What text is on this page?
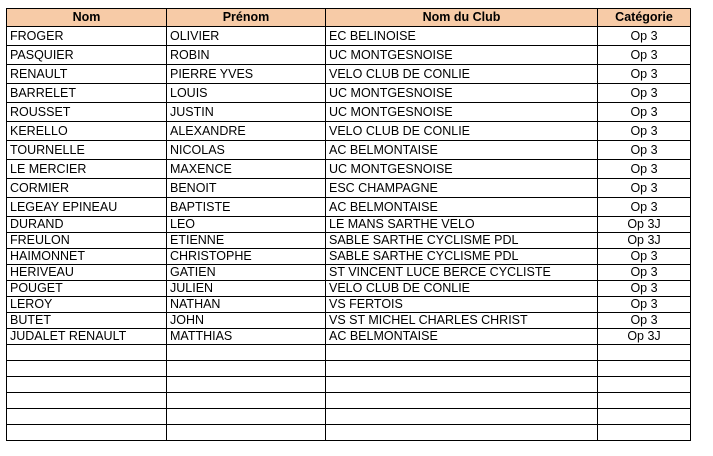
Nom	Prénom	Nom du Club	Catégorie
FROGER	OLIVIER	EC BELINOISE	Op 3
PASQUIER	ROBIN	UC MONTGESNOISE	Op 3
RENAULT	PIERRE YVES	VELO CLUB DE CONLIE	Op 3
BARRELET	LOUIS	UC MONTGESNOISE	Op 3
ROUSSET	JUSTIN	UC MONTGESNOISE	Op 3
KERELLO	ALEXANDRE	VELO CLUB DE CONLIE	Op 3
TOURNELLE	NICOLAS	AC BELMONTAISE	Op 3
LE MERCIER	MAXENCE	UC MONTGESNOISE	Op 3
CORMIER	BENOIT	ESC CHAMPAGNE	Op 3
LEGEAY EPINEAU	BAPTISTE	AC BELMONTAISE	Op 3
DURAND	LEO	LE MANS SARTHE VELO	Op 3J
FREULON	ETIENNE	SABLE SARTHE CYCLISME PDL	Op 3J
HAIMONNET	CHRISTOPHE	SABLE SARTHE CYCLISME PDL	Op 3
HERIVEAU	GATIEN	ST VINCENT LUCE BERCE CYCLISTE	Op 3
POUGET	JULIEN	VELO CLUB DE CONLIE	Op 3
LEROY	NATHAN	VS FERTOIS	Op 3
BUTET	JOHN	VS ST MICHEL CHARLES CHRIST	Op 3
JUDALET RENAULT	MATTHIAS	AC BELMONTAISE	Op 3J
